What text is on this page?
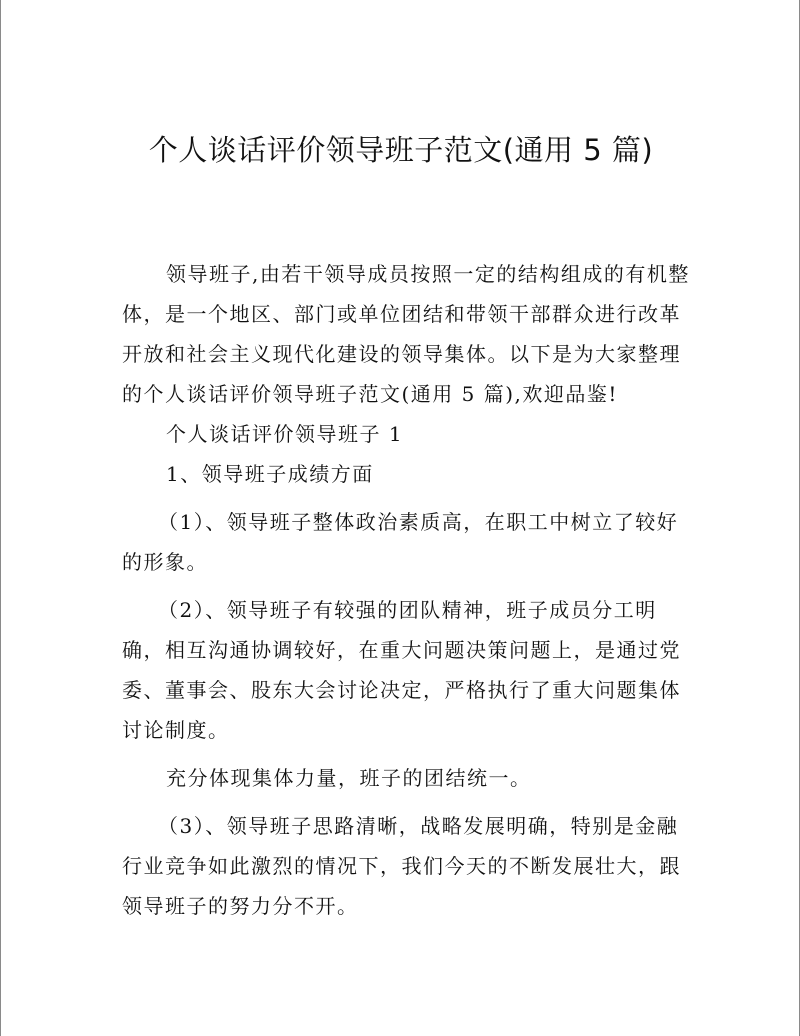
个人谈话评价领导班子范文(通用 5 篇)

领导班子,由若干领导成员按照一定的结构组成的有机整体，是一个地区、部门或单位团结和带领干部群众进行改革开放和社会主义现代化建设的领导集体。以下是为大家整理的个人谈话评价领导班子范文(通用 5 篇),欢迎品鉴!

个人谈话评价领导班子 1

1、领导班子成绩方面

（1）、领导班子整体政治素质高，在职工中树立了较好的形象。

（2）、领导班子有较强的团队精神，班子成员分工明确，相互沟通协调较好，在重大问题决策问题上，是通过党委、董事会、股东大会讨论决定，严格执行了重大问题集体讨论制度。

充分体现集体力量，班子的团结统一。

（3）、领导班子思路清晰，战略发展明确，特别是金融行业竞争如此激烈的情况下，我们今天的不断发展壮大，跟领导班子的努力分不开。
